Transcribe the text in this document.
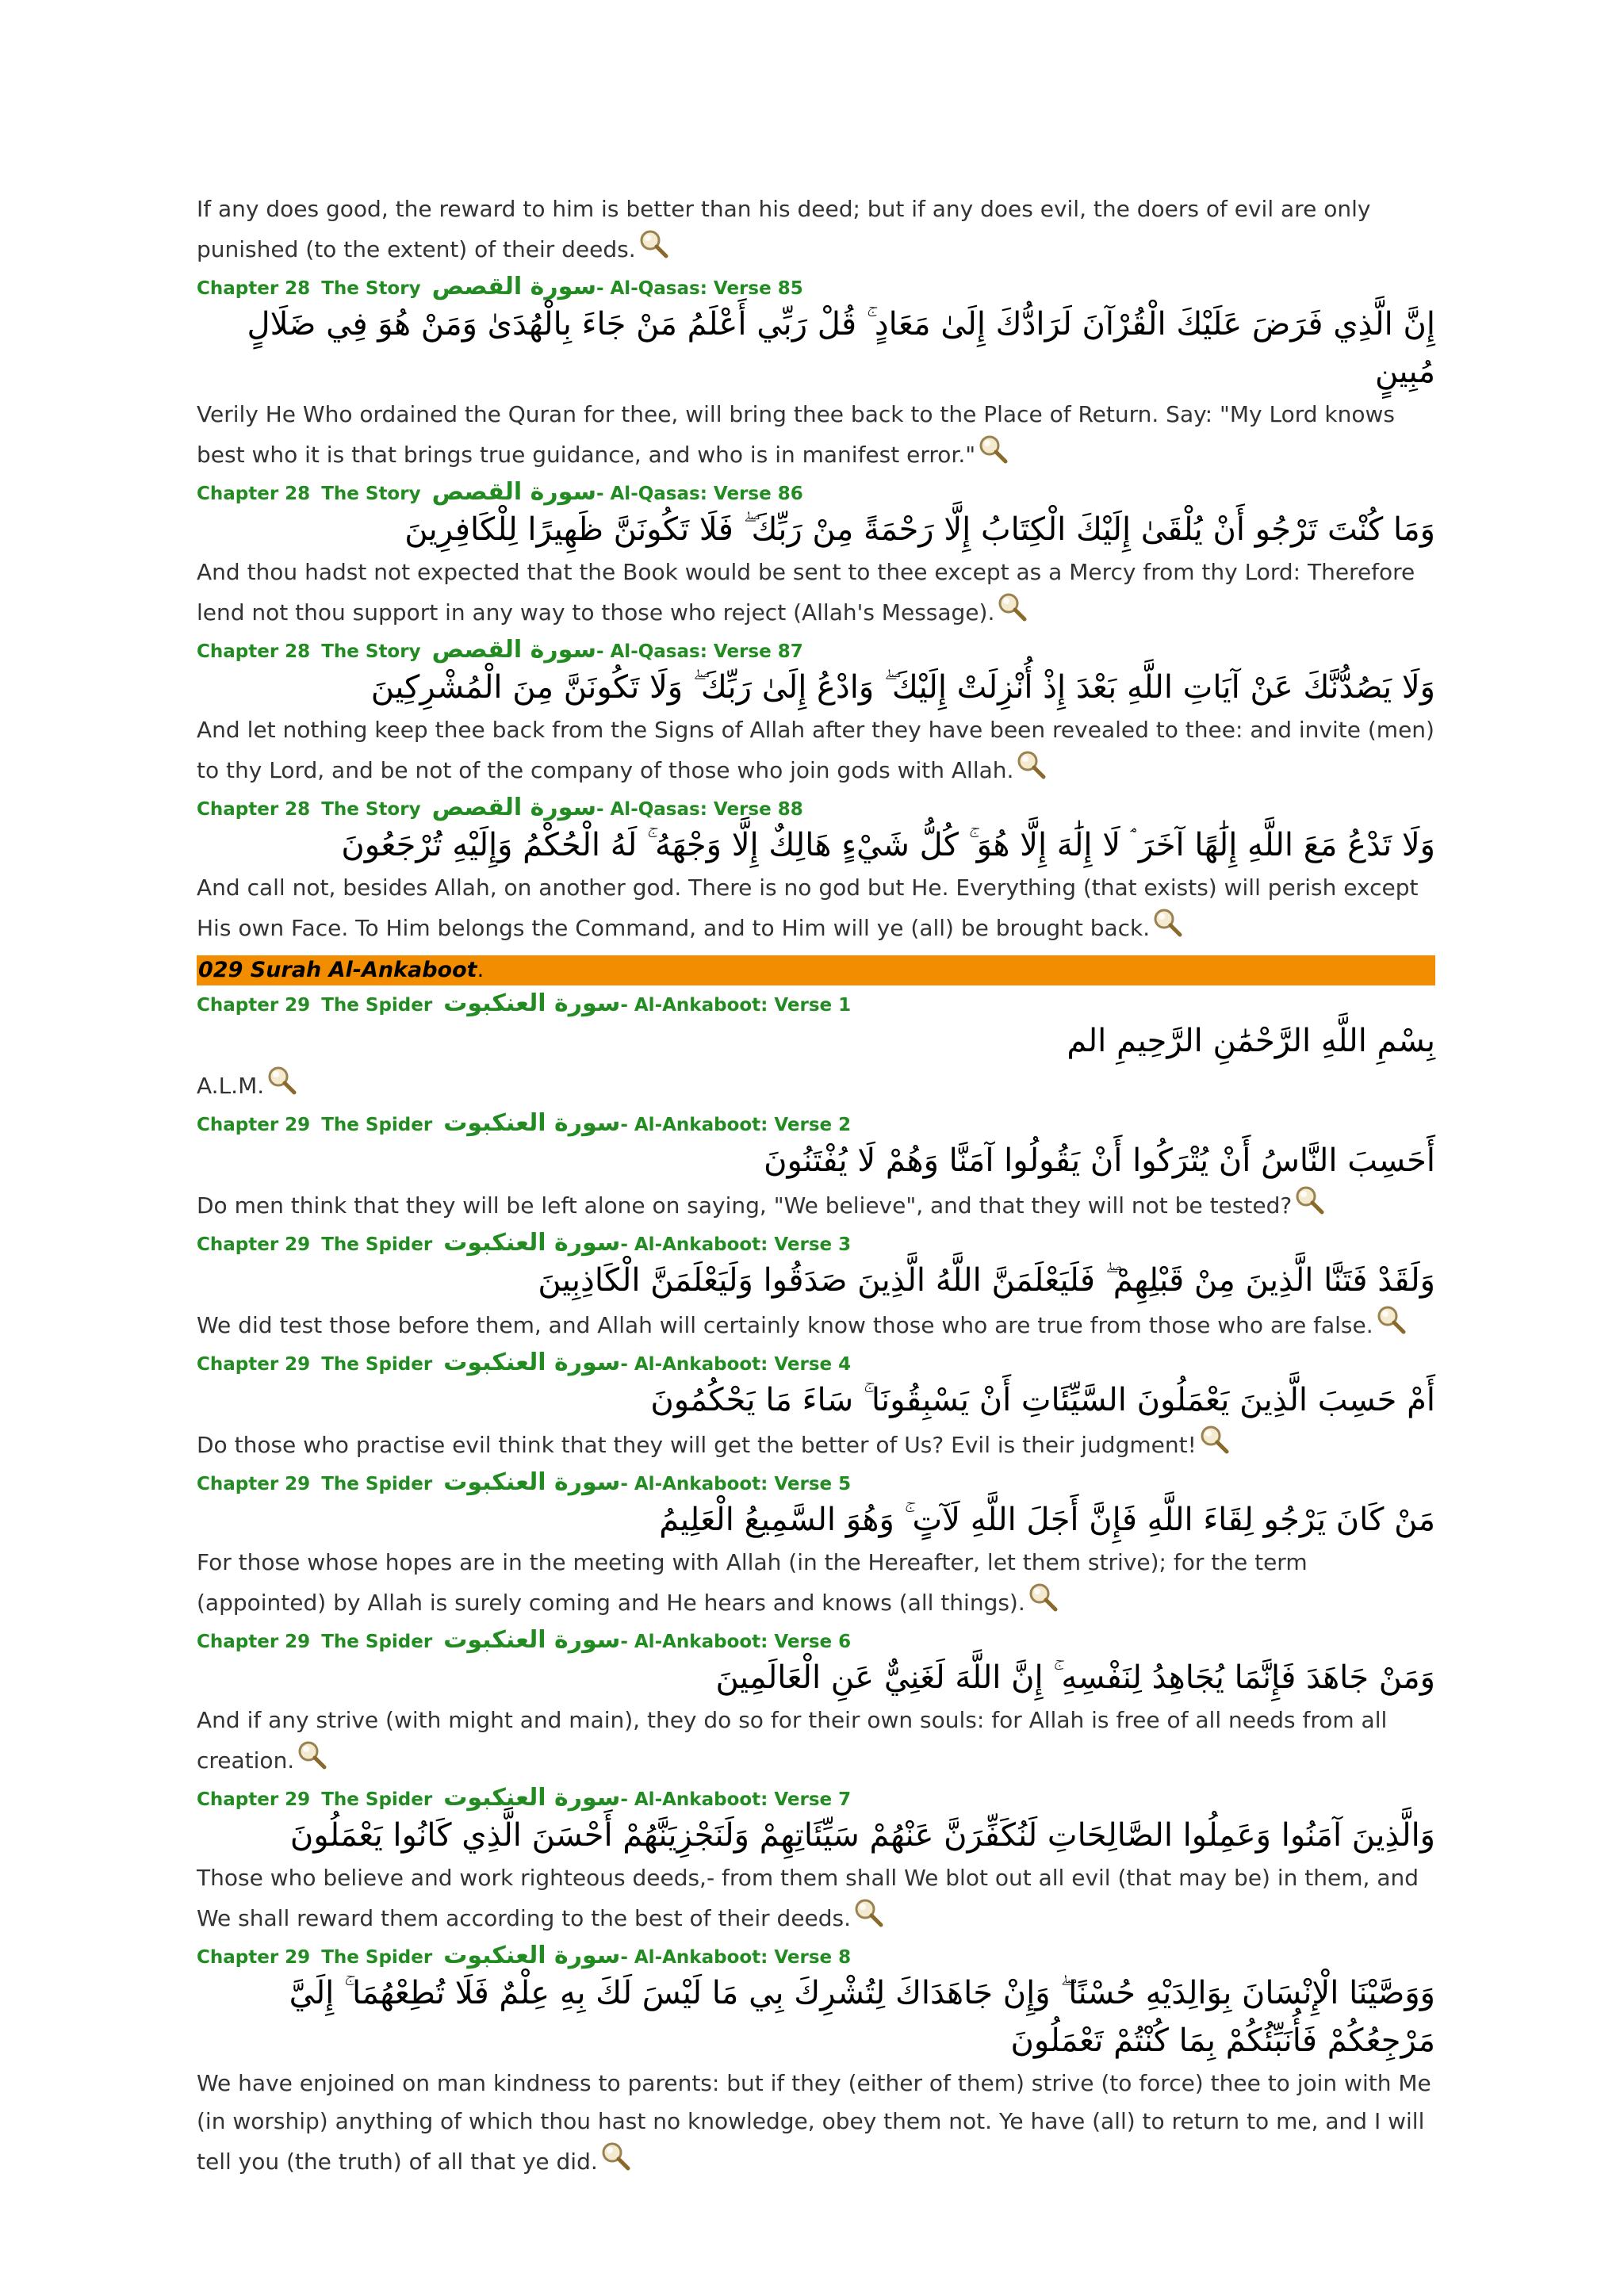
If any does good, the reward to him is better than his deed; but if any does evil, the doers of evil are only punished (to the extent) of their deeds.

Chapter 28 The Story سورة القصص- Al-Qasas: Verse 85

إِنَّ الَّذِي فَرَضَ عَلَيْكَ الْقُرْآنَ لَرَادُّكَ إِلَىٰ مَعَادٍ ۚ قُلْ رَبِّي أَعْلَمُ مَنْ جَاءَ بِالْهُدَىٰ وَمَنْ هُوَ فِي ضَلَالٍ مُبِينٍ

Verily He Who ordained the Quran for thee, will bring thee back to the Place of Return. Say: "My Lord knows best who it is that brings true guidance, and who is in manifest error."

Chapter 28 The Story سورة القصص- Al-Qasas: Verse 86

وَمَا كُنْتَ تَرْجُو أَنْ يُلْقَىٰ إِلَيْكَ الْكِتَابُ إِلَّا رَحْمَةً مِنْ رَبِّكَ ۖ فَلَا تَكُونَنَّ ظَهِيرًا لِلْكَافِرِينَ

And thou hadst not expected that the Book would be sent to thee except as a Mercy from thy Lord: Therefore lend not thou support in any way to those who reject (Allah's Message).

Chapter 28 The Story سورة القصص- Al-Qasas: Verse 87

وَلَا يَصُدُّنَّكَ عَنْ آيَاتِ اللَّهِ بَعْدَ إِذْ أُنْزِلَتْ إِلَيْكَ ۖ وَادْعُ إِلَىٰ رَبِّكَ ۖ وَلَا تَكُونَنَّ مِنَ الْمُشْرِكِينَ

And let nothing keep thee back from the Signs of Allah after they have been revealed to thee: and invite (men) to thy Lord, and be not of the company of those who join gods with Allah.

Chapter 28 The Story سورة القصص- Al-Qasas: Verse 88

وَلَا تَدْعُ مَعَ اللَّهِ إِلَٰهًا آخَرَ ۘ لَا إِلَٰهَ إِلَّا هُوَ ۚ كُلُّ شَيْءٍ هَالِكٌ إِلَّا وَجْهَهُ ۚ لَهُ الْحُكْمُ وَإِلَيْهِ تُرْجَعُونَ

And call not, besides Allah, on another god. There is no god but He. Everything (that exists) will perish except His own Face. To Him belongs the Command, and to Him will ye (all) be brought back.

029 Surah Al-Ankaboot.
Chapter 29 The Spider سورة العنكبوت- Al-Ankaboot: Verse 1

بِسْمِ اللَّهِ الرَّحْمَٰنِ الرَّحِيمِ الم

A.L.M.

Chapter 29 The Spider سورة العنكبوت- Al-Ankaboot: Verse 2

أَحَسِبَ النَّاسُ أَنْ يُتْرَكُوا أَنْ يَقُولُوا آمَنَّا وَهُمْ لَا يُفْتَنُونَ

Do men think that they will be left alone on saying, "We believe", and that they will not be tested?

Chapter 29 The Spider سورة العنكبوت- Al-Ankaboot: Verse 3

وَلَقَدْ فَتَنَّا الَّذِينَ مِنْ قَبْلِهِمْ ۖ فَلَيَعْلَمَنَّ اللَّهُ الَّذِينَ صَدَقُوا وَلَيَعْلَمَنَّ الْكَاذِبِينَ

We did test those before them, and Allah will certainly know those who are true from those who are false.

Chapter 29 The Spider سورة العنكبوت- Al-Ankaboot: Verse 4

أَمْ حَسِبَ الَّذِينَ يَعْمَلُونَ السَّيِّئَاتِ أَنْ يَسْبِقُونَا ۚ سَاءَ مَا يَحْكُمُونَ

Do those who practise evil think that they will get the better of Us? Evil is their judgment!

Chapter 29 The Spider سورة العنكبوت- Al-Ankaboot: Verse 5

مَنْ كَانَ يَرْجُو لِقَاءَ اللَّهِ فَإِنَّ أَجَلَ اللَّهِ لَآتٍ ۚ وَهُوَ السَّمِيعُ الْعَلِيمُ

For those whose hopes are in the meeting with Allah (in the Hereafter, let them strive); for the term (appointed) by Allah is surely coming and He hears and knows (all things).

Chapter 29 The Spider سورة العنكبوت- Al-Ankaboot: Verse 6

وَمَنْ جَاهَدَ فَإِنَّمَا يُجَاهِدُ لِنَفْسِهِ ۚ إِنَّ اللَّهَ لَغَنِيٌّ عَنِ الْعَالَمِينَ

And if any strive (with might and main), they do so for their own souls: for Allah is free of all needs from all creation.

Chapter 29 The Spider سورة العنكبوت- Al-Ankaboot: Verse 7

وَالَّذِينَ آمَنُوا وَعَمِلُوا الصَّالِحَاتِ لَنُكَفِّرَنَّ عَنْهُمْ سَيِّئَاتِهِمْ وَلَنَجْزِيَنَّهُمْ أَحْسَنَ الَّذِي كَانُوا يَعْمَلُونَ

Those who believe and work righteous deeds,- from them shall We blot out all evil (that may be) in them, and We shall reward them according to the best of their deeds.

Chapter 29 The Spider سورة العنكبوت- Al-Ankaboot: Verse 8

وَوَصَّيْنَا الْإِنْسَانَ بِوَالِدَيْهِ حُسْنًا ۖ وَإِنْ جَاهَدَاكَ لِتُشْرِكَ بِي مَا لَيْسَ لَكَ بِهِ عِلْمٌ فَلَا تُطِعْهُمَا ۚ إِلَيَّ مَرْجِعُكُمْ فَأُنَبِّئُكُمْ بِمَا كُنْتُمْ تَعْمَلُونَ

We have enjoined on man kindness to parents: but if they (either of them) strive (to force) thee to join with Me (in worship) anything of which thou hast no knowledge, obey them not. Ye have (all) to return to me, and I will tell you (the truth) of all that ye did.
